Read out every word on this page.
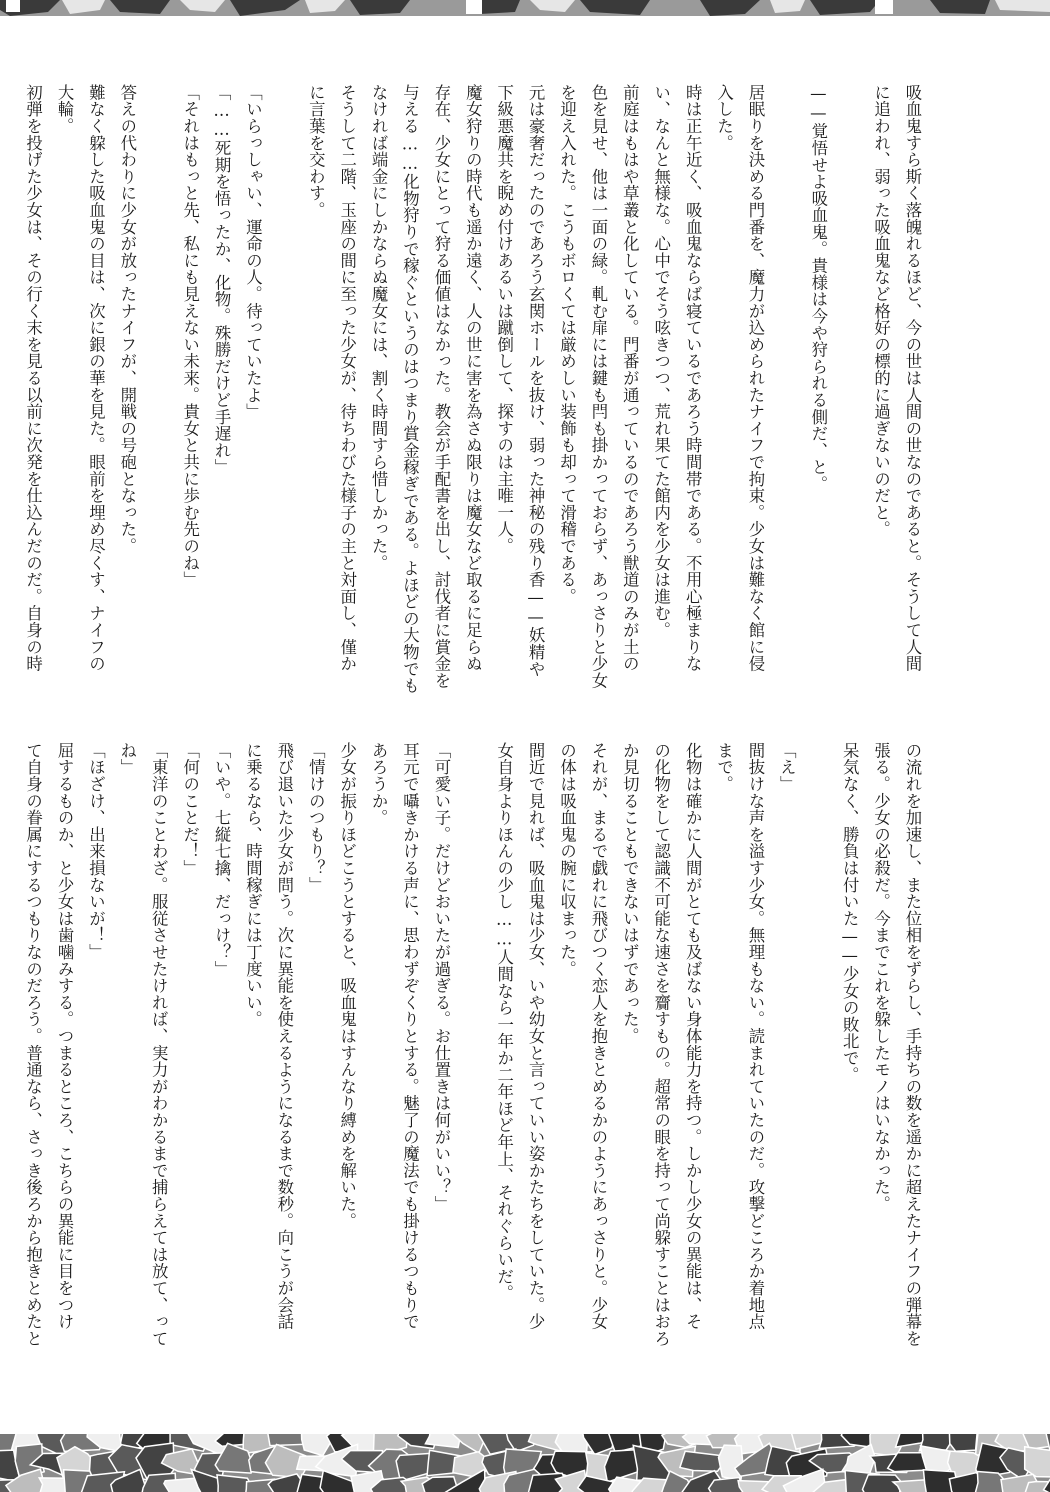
吸血鬼すら斯く落魄れるほど、今の世は人間の世なのであると。そうして人間
に追われ、弱った吸血鬼など格好の標的に過ぎないのだと。

——覚悟せよ吸血鬼。貴様は今や狩られる側だ、と。

居眠りを決める門番を、魔力が込められたナイフで拘束。少女は難なく館に侵
入した。
時は正午近く、吸血鬼ならば寝ているであろう時間帯である。不用心極まりな
い、なんと無様な。心中でそう呟きつつ、荒れ果てた館内を少女は進む。
前庭はもはや草叢と化している。門番が通っているのであろう獣道のみが土の
色を見せ、他は一面の緑。軋む扉には鍵も閂も掛かっておらず、あっさりと少女
を迎え入れた。こうもボロくては厳めしい装飾も却って滑稽である。
元は豪奢だったのであろう玄関ホールを抜け、弱った神秘の残り香——妖精や
下級悪魔共を睨め付けあるいは蹴倒して、探すのは主唯一人。
魔女狩りの時代も遥か遠く、人の世に害を為さぬ限りは魔女など取るに足らぬ
存在、少女にとって狩る価値はなかった。教会が手配書を出し、討伐者に賞金を
与える……化物狩りで稼ぐというのはつまり賞金稼ぎである。よほどの大物でも
なければ端金にしかならぬ魔女には、割く時間すら惜しかった。
そうして二階、玉座の間に至った少女が、待ちわびた様子の主と対面し、僅か
に言葉を交わす。

「いらっしゃい、運命の人。待っていたよ」
「……死期を悟ったか、化物。殊勝だけど手遅れ」
「それはもっと先、私にも見えない未来。貴女と共に歩む先のね」

答えの代わりに少女が放ったナイフが、開戦の号砲となった。
難なく躱した吸血鬼の目は、次に銀の華を見た。眼前を埋め尽くす、ナイフの
大輪。
初弾を投げた少女は、その行く末を見る以前に次発を仕込んだのだ。自身の時
の流れを加速し、また位相をずらし、手持ちの数を遥かに超えたナイフの弾幕を
張る。少女の必殺だ。今までこれを躱したモノはいなかった。
呆気なく、勝負は付いた——少女の敗北で。

「え」
間抜けな声を溢す少女。無理もない。読まれていたのだ。攻撃どころか着地点
まで。
化物は確かに人間がとても及ばない身体能力を持つ。しかし少女の異能は、そ
の化物をして認識不可能な速さを齎すもの。超常の眼を持って尚躱すことはおろ
か見切ることもできないはずであった。
それが、まるで戯れに飛びつく恋人を抱きとめるかのようにあっさりと。少女
の体は吸血鬼の腕に収まった。
間近で見れば、吸血鬼は少女、いや幼女と言っていい姿かたちをしていた。少
女自身よりほんの少し……人間なら一年か二年ほど年上、それぐらいだ。

「可愛い子。だけどおいたが過ぎる。お仕置きは何がいい？」
耳元で囁きかける声に、思わずぞくりとする。魅了の魔法でも掛けるつもりで
あろうか。
少女が振りほどこうとすると、吸血鬼はすんなり縛めを解いた。
「情けのつもり？」
飛び退いた少女が問う。次に異能を使えるようになるまで数秒。向こうが会話
に乗るなら、時間稼ぎには丁度いい。
「いや。七縦七擒、だっけ？」
「何のことだ！」
「東洋のことわざ。服従させたければ、実力がわかるまで捕らえては放て、って
ね」
「ほざけ、出来損ないが！」
屈するものか、と少女は歯噛みする。つまるところ、こちらの異能に目をつけ
て自身の眷属にするつもりなのだろう。普通なら、さっき後ろから抱きとめたと
